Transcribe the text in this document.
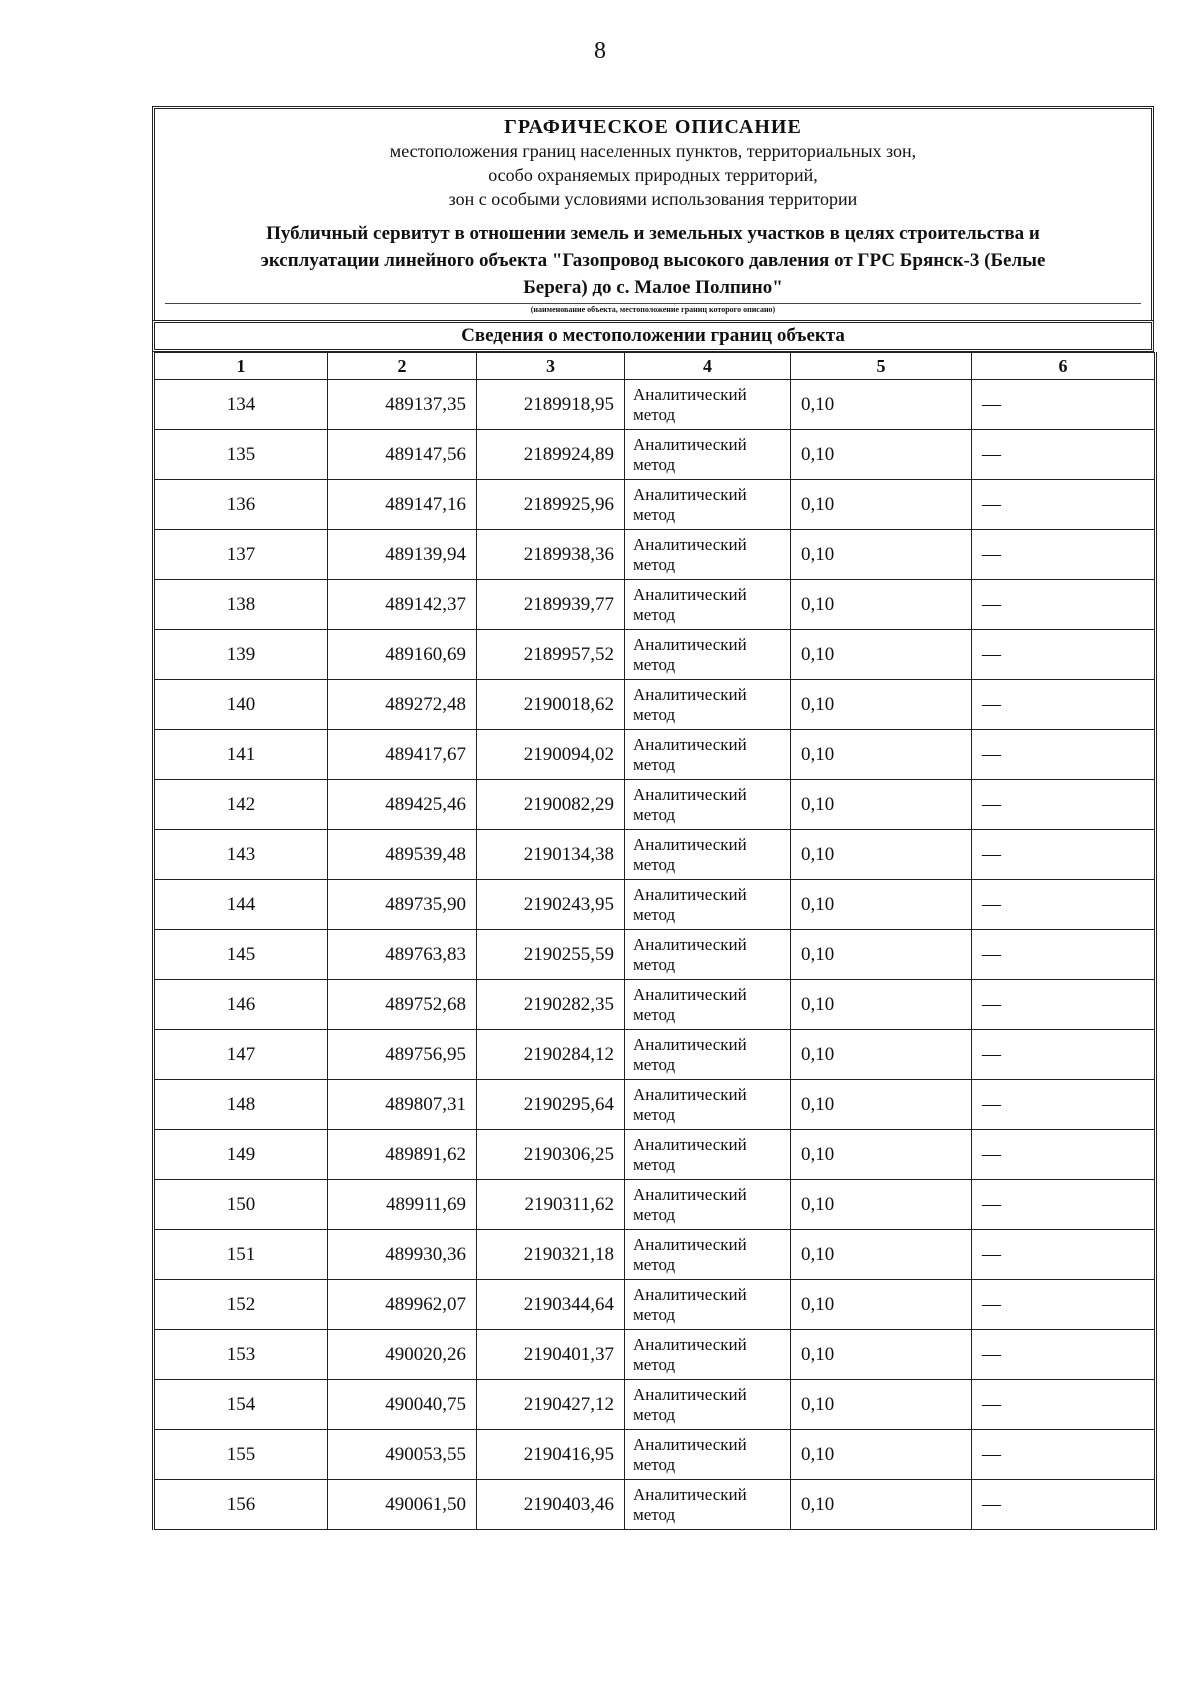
8
ГРАФИЧЕСКОЕ ОПИСАНИЕ
местоположения границ населенных пунктов, территориальных зон,
особо охраняемых природных территорий,
зон с особыми условиями использования территории
Публичный сервитут в отношении земель и земельных участков в целях строительства и
эксплуатации линейного объекта "Газопровод высокого давления от ГРС Брянск-3 (Белые
Берега) до с. Малое Полпино"
(наименование объекта, местоположение границ которого описано)
Сведения о местоположении границ объекта
1	2	3	4	5	6
134	489137,35	2189918,95	Аналитический метод	0,10	—
135	489147,56	2189924,89	Аналитический метод	0,10	—
136	489147,16	2189925,96	Аналитический метод	0,10	—
137	489139,94	2189938,36	Аналитический метод	0,10	—
138	489142,37	2189939,77	Аналитический метод	0,10	—
139	489160,69	2189957,52	Аналитический метод	0,10	—
140	489272,48	2190018,62	Аналитический метод	0,10	—
141	489417,67	2190094,02	Аналитический метод	0,10	—
142	489425,46	2190082,29	Аналитический метод	0,10	—
143	489539,48	2190134,38	Аналитический метод	0,10	—
144	489735,90	2190243,95	Аналитический метод	0,10	—
145	489763,83	2190255,59	Аналитический метод	0,10	—
146	489752,68	2190282,35	Аналитический метод	0,10	—
147	489756,95	2190284,12	Аналитический метод	0,10	—
148	489807,31	2190295,64	Аналитический метод	0,10	—
149	489891,62	2190306,25	Аналитический метод	0,10	—
150	489911,69	2190311,62	Аналитический метод	0,10	—
151	489930,36	2190321,18	Аналитический метод	0,10	—
152	489962,07	2190344,64	Аналитический метод	0,10	—
153	490020,26	2190401,37	Аналитический метод	0,10	—
154	490040,75	2190427,12	Аналитический метод	0,10	—
155	490053,55	2190416,95	Аналитический метод	0,10	—
156	490061,50	2190403,46	Аналитический метод	0,10	—
